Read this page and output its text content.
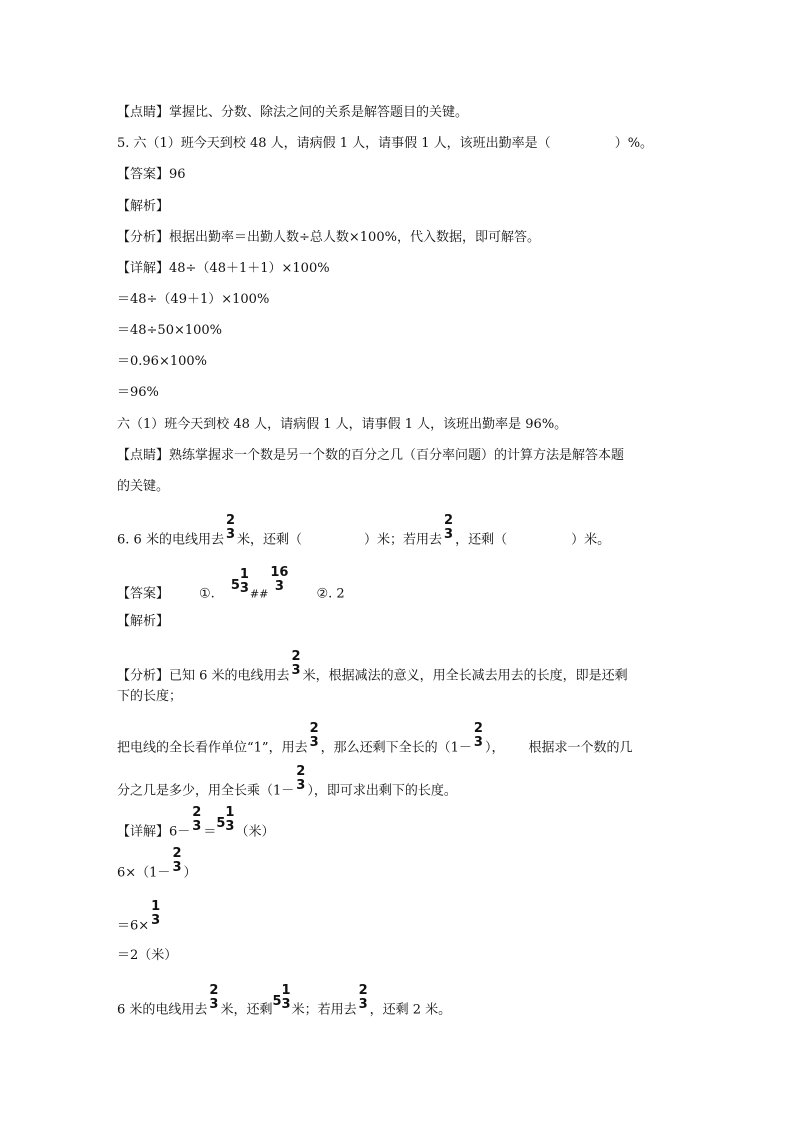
【点睛】掌握比、分数、除法之间的关系是解答题目的关键。
5. 六（1）班今天到校 48 人，请病假 1 人，请事假 1 人，该班出勤率是（	）%。
【答案】96
【解析】
【分析】根据出勤率＝出勤人数÷总人数×100%，代入数据，即可解答。
【详解】48÷（48＋1＋1）×100%
＝48÷（49＋1）×100%
＝48÷50×100%
＝0.96×100%
＝96%
六（1）班今天到校 48 人，请病假 1 人，请事假 1 人，该班出勤率是 96%。
【点睛】熟练掌握求一个数是另一个数的百分之几（百分率问题）的计算方法是解答本题
的关键。
6. 6 米的电线用去
2
3 米，还剩（	）米；若用去
2
3 ，还剩（	）米。
【答案】 ①.5
1
3 ##
16
3	②. 2
【解析】
【分析】已知 6 米的电线用去
2
3 米，根据减法的意义，用全长减去用去的长度，即是还剩
下的长度；
把电线的全长看作单位“1”，用去
2
3 ，那么还剩下全长的（1－
2
3 ）， 根据求一个数的几
分之几是多少，用全长乘（1－
2
3 ），即可求出剩下的长度。
【详解】6－
2
3 ＝5
1
3 （米）
6×（1－
2
3 ）
＝6×
1
3
＝2（米）
6 米的电线用去
2
3 米，还剩5
1
3 米；若用去
2
3 ，还剩 2 米。
